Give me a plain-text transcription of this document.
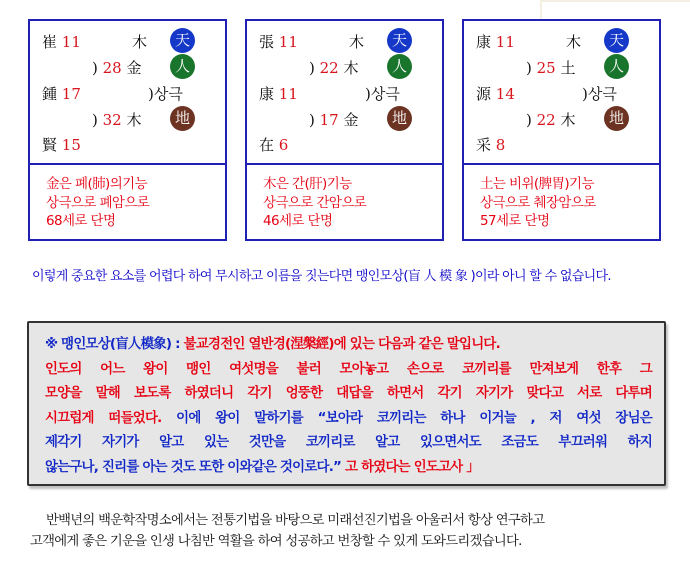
崔 11	木	天
) 28 金	人
鍾 17	)상극
) 32 木	地
賢 15
金은 폐(肺)의기능
상극으로 폐암으로
68세로 단명
張 11	木	天
) 22 木	人
康 11	)상극
) 17 金	地
在 6
木은 간(肝)기능
상극으로 간암으로
46세로 단명
康 11	木	天
) 25 土	人
源 14	)상극
) 22 木	地
采 8
土는 비위(脾胃)기능
상극으로 췌장암으로
57세로 단명
이렇게 중요한 요소를 어렵다 하여 무시하고 이름을 짓는다면 맹인모상(盲 人 模 象 )이라 아니 할 수 없습니다.
※ 맹인모상(盲人模象) : 불교경전인 열반경(涅槃經)에 있는 다음과 같은 말입니다.
인도의 어느 왕이 맹인 여섯명을 불러 모아놓고 손으로 코끼리를 만져보게 한후 그
모양을 말해 보도록 하였더니 각기 엉뚱한 대답을 하면서 각기 자기가 맞다고 서로 다투며
시끄럽게 떠들었다. 이에 왕이 말하기를 “보아라 코끼리는 하나 이거늘 , 저 여섯 장님은
제각기 자기가 알고 있는 것만을 코끼리로 알고 있으면서도 조금도 부끄러워 하지
않는구나, 진리를 아는 것도 또한 이와같은 것이로다.” 고 하였다는 인도고사 」
반백년의 백운학작명소에서는 전통기법을 바탕으로 미래선진기법을 아울러서 항상 연구하고
고객에게 좋은 기운을 인생 나침반 역활을 하여 성공하고 번창할 수 있게 도와드리겠습니다.
